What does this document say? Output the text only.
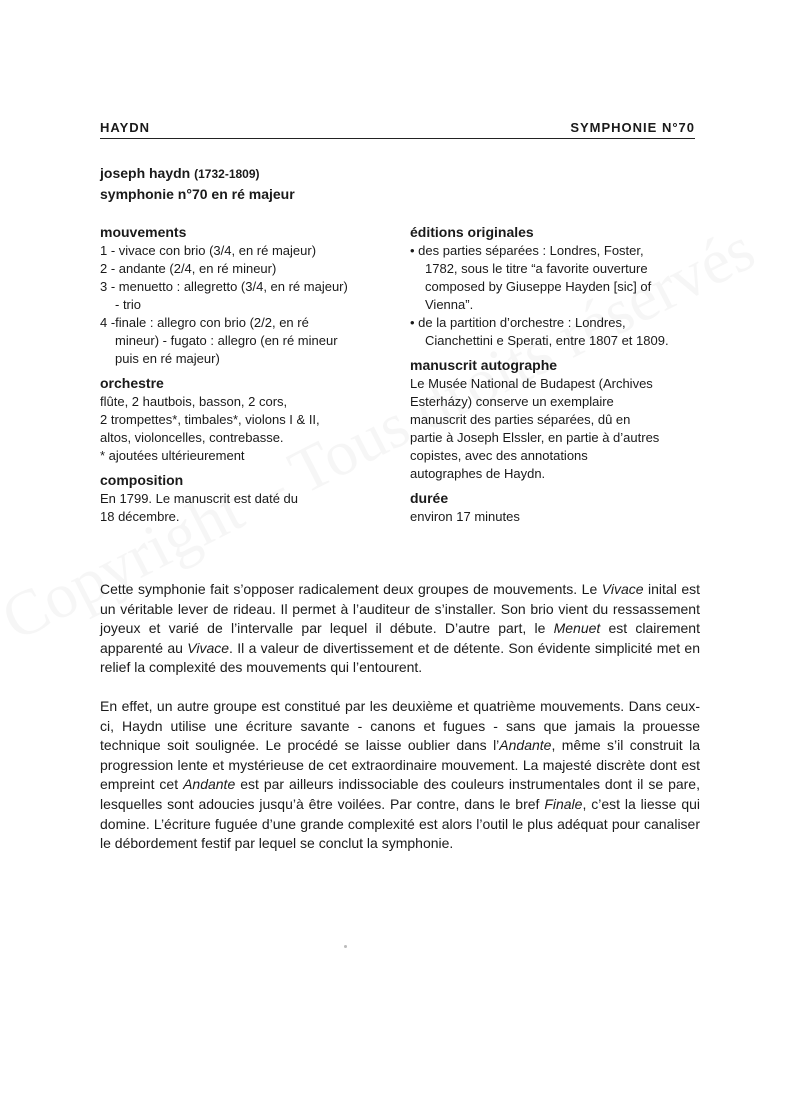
HAYDN	SYMPHONIE N°70
joseph haydn (1732-1809)
symphonie n°70 en ré majeur
mouvements
1 - vivace con brio (3/4, en ré majeur)
2 - andante (2/4, en ré mineur)
3 - menuetto : allegretto (3/4, en ré majeur)
- trio
4 -finale : allegro con brio (2/2, en ré
mineur) - fugato : allegro (en ré mineur
puis en ré majeur)
orchestre
flûte, 2 hautbois, basson, 2 cors,
2 trompettes*, timbales*, violons I & II,
altos, violoncelles, contrebasse.
* ajoutées ultérieurement
composition
En 1799. Le manuscrit est daté du
18 décembre.
éditions originales
• des parties séparées : Londres, Foster,
1782, sous le titre “a favorite ouverture
composed by Giuseppe Hayden [sic] of
Vienna”.
• de la partition d’orchestre : Londres,
Cianchettini e Sperati, entre 1807 et 1809.
manuscrit autographe
Le Musée National de Budapest (Archives
Esterházy) conserve un exemplaire
manuscrit des parties séparées, dû en
partie à Joseph Elssler, en partie à d’autres
copistes, avec des annotations
autographes de Haydn.
durée
environ 17 minutes

Cette symphonie fait s’opposer radicalement deux groupes de mouvements. Le Vivace inital est un véritable lever de rideau. Il permet à l’auditeur de s’installer. Son brio vient du ressassement joyeux et varié de l’intervalle par lequel il débute. D’autre part, le Menuet est clairement apparenté au Vivace. Il a valeur de divertissement et de détente. Son évidente simplicité met en relief la complexité des mouvements qui l’entourent.

En effet, un autre groupe est constitué par les deuxième et quatrième mouvements. Dans ceux-ci, Haydn utilise une écriture savante - canons et fugues - sans que jamais la prouesse technique soit soulignée. Le procédé se laisse oublier dans l’Andante, même s’il construit la progression lente et mystérieuse de cet extraordinaire mouvement. La majesté discrète dont est empreint cet Andante est par ailleurs indissociable des couleurs instrumentales dont il se pare, lesquelles sont adoucies jusqu’à être voilées. Par contre, dans le bref Finale, c’est la liesse qui domine. L’écriture fuguée d’une grande complexité est alors l’outil le plus adéquat pour canaliser le débordement festif par lequel se conclut la symphonie.
